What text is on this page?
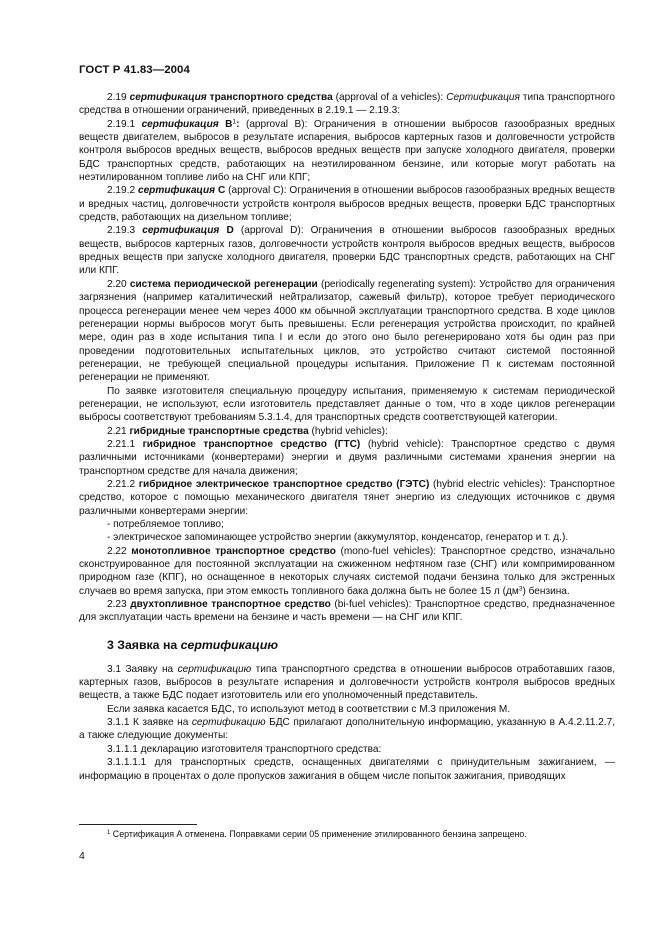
ГОСТ Р 41.83—2004

2.19 сертификация транспортного средства (approval of a vehicles): Сертификация типа транспортного средства в отношении ограничений, приведенных в 2.19.1 — 2.19.3:

2.19.1 сертификация $B^1$: (approval B): Ограничения в отношении выбросов газообразных вредных веществ двигателем, выбросов в результате испарения, выбросов картерных газов и долговечности устройств контроля выбросов вредных веществ, выбросов вредных веществ при запуске холодного двигателя, проверки БДС транспортных средств, работающих на неэтилированном бензине, или которые могут работать на неэтилированном топливе либо на СНГ или КПГ;

2.19.2 сертификация С (approval C): Ограничения в отношении выбросов газообразных вредных веществ и вредных частиц, долговечности устройств контроля выбросов вредных веществ, проверки БДС транспортных средств, работающих на дизельном топливе;

2.19.3 сертификация D (approval D): Ограничения в отношении выбросов газообразных вредных веществ, выбросов картерных газов, долговечности устройств контроля выбросов вредных веществ, выбросов вредных веществ при запуске холодного двигателя, проверки БДС транспортных средств, работающих на СНГ или КПГ.

2.20 система периодической регенерации (periodically regenerating system): Устройство для ограничения загрязнения (например каталитический нейтрализатор, сажевый фильтр), которое требует периодического процесса регенерации менее чем через 4000 км обычной эксплуатации транспортного средства. В ходе циклов регенерации нормы выбросов могут быть превышены. Если регенерация устройства происходит, по крайней мере, один раз в ходе испытания типа I и если до этого оно было регенерировано хотя бы один раз при проведении подготовительных испытательных циклов, это устройство считают системой постоянной регенерации, не требующей специальной процедуры испытания. Приложение П к системам постоянной регенерации не применяют.

По заявке изготовителя специальную процедуру испытания, применяемую к системам периодической регенерации, не используют, если изготовитель представляет данные о том, что в ходе циклов регенерации выбросы соответствуют требованиям 5.3.1.4, для транспортных средств соответствующей категории.

2.21 гибридные транспортные средства (hybrid vehicles):

2.21.1 гибридное транспортное средство (ГТС) (hybrid vehicle): Транспортное средство с двумя различными источниками (конвертерами) энергии и двумя различными системами хранения энергии на транспортном средстве для начала движения;

2.21.2 гибридное электрическое транспортное средство (ГЭТС) (hybrid electric vehicles): Транспортное средство, которое с помощью механического двигателя тянет энергию из следующих источников с двумя различными конвертерами энергии:

- потребляемое топливо;

- электрическое запоминающее устройство энергии (аккумулятор, конденсатор, генератор и т. д.).

2.22 монотопливное транспортное средство (mono-fuel vehicles): Транспортное средство, изначально сконструированное для постоянной эксплуатации на сжиженном нефтяном газе (СНГ) или компримированном природном газе (КПГ), но оснащенное в некоторых случаях системой подачи бензина только для экстренных случаев во время запуска, при этом емкость топливного бака должна быть не более 15 л $(дм^3)$ бензина.

2.23 двухтопливное транспортное средство (bi-fuel vehicles): Транспортное средство, предназначенное для эксплуатации часть времени на бензине и часть времени — на СНГ или КПГ.

3 Заявка на сертификацию

3.1 Заявку на сертификацию типа транспортного средства в отношении выбросов отработавших газов, картерных газов, выбросов в результате испарения и долговечности устройств контроля выбросов вредных веществ, а также БДС подает изготовитель или его уполномоченный представитель.

Если заявка касается БДС, то используют метод в соответствии с М.3 приложения М.

3.1.1 К заявке на сертификацию БДС прилагают дополнительную информацию, указанную в А.4.2.11.2.7, а также следующие документы:

3.1.1.1 декларацию изготовителя транспортного средства:

3.1.1.1.1 для транспортных средств, оснащенных двигателями с принудительным зажиганием, — информацию в процентах о доле пропусков зажигания в общем числе попыток зажигания, приводящих

$^1$ Сертификация А отменена. Поправками серии 05 применение этилированного бензина запрещено.
4
